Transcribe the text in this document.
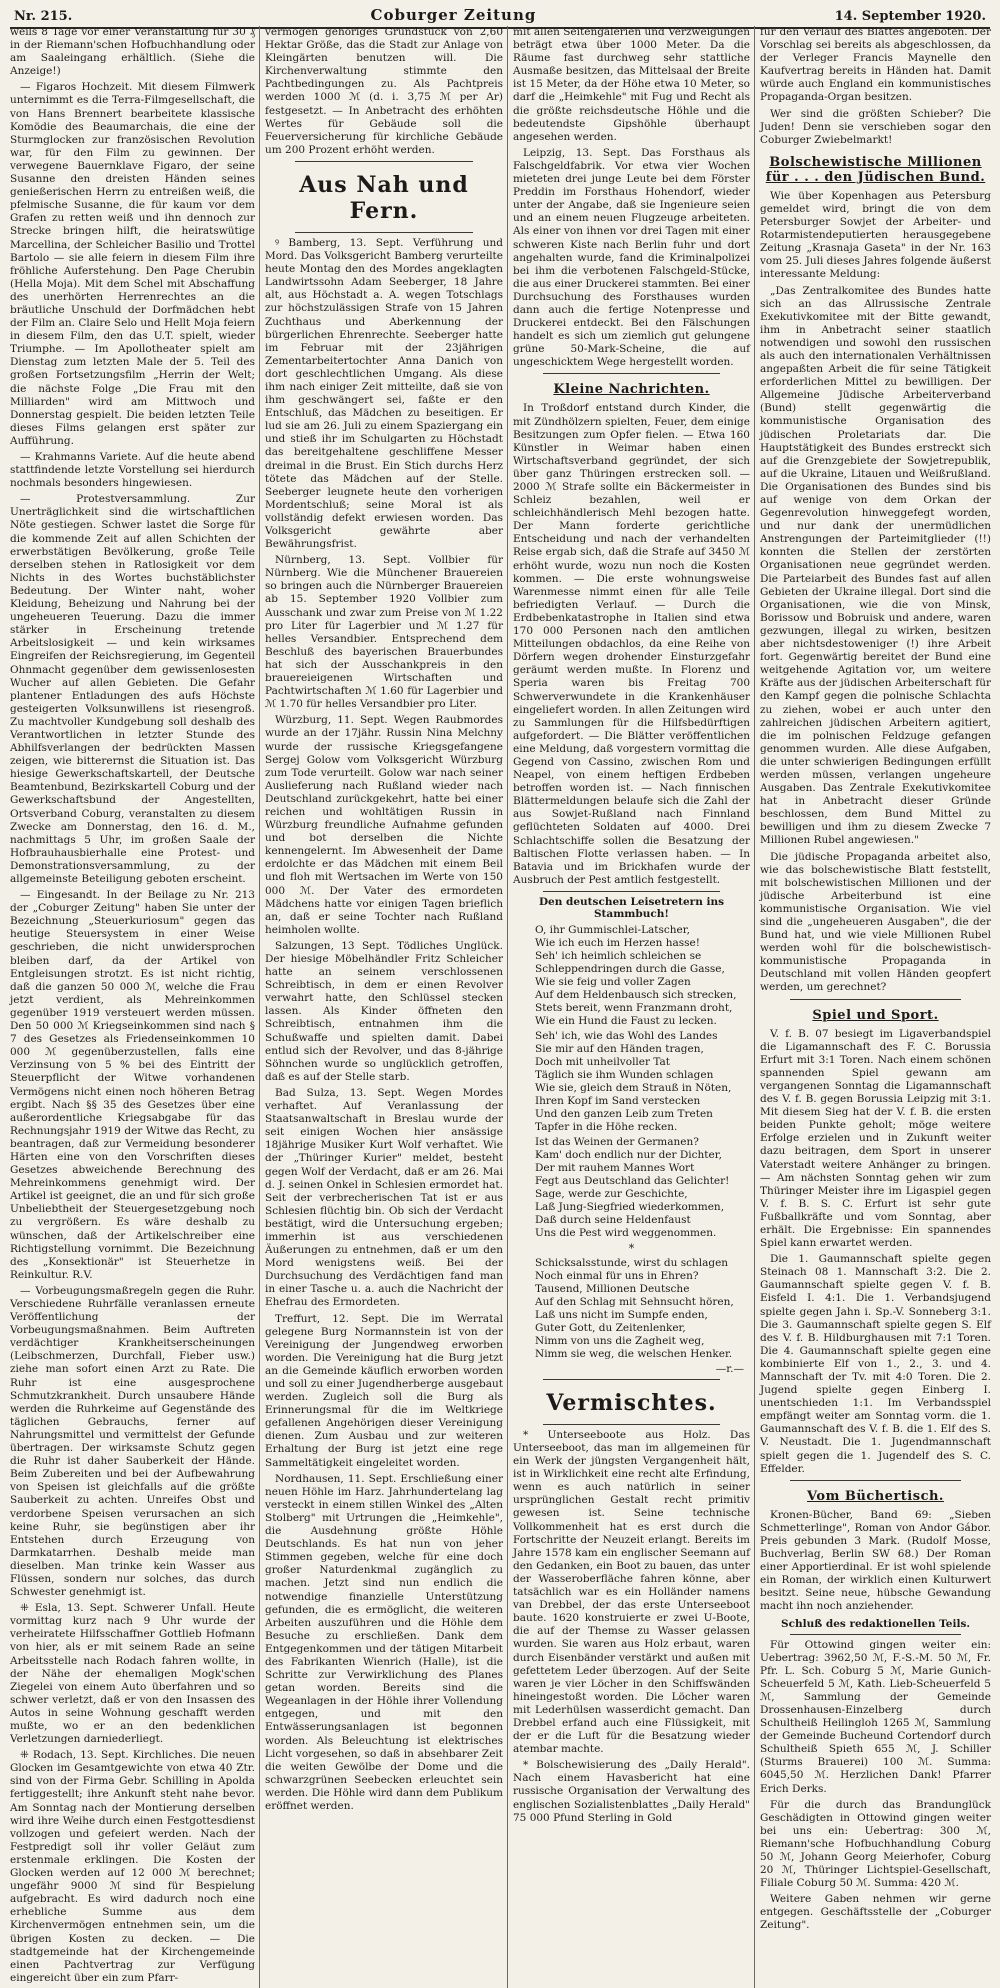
Nr. 215.	Coburger Zeitung	14. September 1920.

weils 8 Tage vor einer Veranstaltung für 30 ₰ in der Riemann'schen Hofbuchhandlung oder am Saaleingang erhältlich. (Siehe die Anzeige!)

— Figaros Hochzeit. Mit diesem Filmwerk unternimmt es die Terra-Filmgesellschaft, die von Hans Brennert bearbeitete klassische Komödie des Beaumarchais, die eine der Sturmglocken zur französischen Revolution war, für den Film zu gewinnen. Der verwegene Bauernklave Figaro, der seine Susanne den dreisten Händen seines genießerischen Herrn zu entreißen weiß, die pfelmische Susanne, die für kaum vor dem Grafen zu retten weiß und ihn dennoch zur Strecke bringen hilft, die heiratswütige Marcellina, der Schleicher Basilio und Trottel Bartolo — sie alle feiern in diesem Film ihre fröhliche Auferstehung. Den Page Cherubin (Hella Moja). Mit dem Schel mit Abschaffung des unerhörten Herrenrechtes an die bräutliche Unschuld der Dorfmädchen hebt der Film an. Claire Selo und Hellt Moja feiern in diesem Film, den das U.T. spielt, wieder Triumphe. — Im Apollotheater spielt am Dienstag zum letzten Male der 5. Teil des großen Fortsetzungsfilm „Herrin der Welt; die nächste Folge „Die Frau mit den Milliarden" wird am Mittwoch und Donnerstag gespielt. Die beiden letzten Teile dieses Films gelangen erst später zur Aufführung.

— Krahmanns Variete. Auf die heute abend stattfindende letzte Vorstellung sei hierdurch nochmals besonders hingewiesen.

— Protestversammlung. Zur Unerträglichkeit sind die wirtschaftlichen Nöte gestiegen. Schwer lastet die Sorge für die kommende Zeit auf allen Schichten der erwerbstätigen Bevölkerung, große Teile derselben stehen in Ratlosigkeit vor dem Nichts in des Wortes buchstäblichster Bedeutung. Der Winter naht, woher Kleidung, Beheizung und Nahrung bei der ungeheueren Teuerung. Dazu die immer stärker in Erscheinung tretende Arbeitslosigkeit — und kein wirksames Eingreifen der Reichsregierung, im Gegenteil Ohnmacht gegenüber dem gewissenlosesten Wucher auf allen Gebieten. Die Gefahr plantener Entladungen des aufs Höchste gesteigerten Volksunwillens ist riesengroß. Zu machtvoller Kundgebung soll deshalb des Verantwortlichen in letzter Stunde des Abhilfsverlangen der bedrückten Massen zeigen, wie bitterernst die Situation ist. Das hiesige Gewerkschaftskartell, der Deutsche Beamtenbund, Bezirkskartell Coburg und der Gewerkschaftsbund der Angestellten, Ortsverband Coburg, veranstalten zu diesem Zwecke am Donnerstag, den 16. d. M., nachmittags 5 Uhr, im großen Saale der Hofbrauhausbierhalle eine Protest- und Demonstrationsversammlung, zu der allgemeinste Beteiligung geboten erscheint.

— Eingesandt. In der Beilage zu Nr. 213 der „Coburger Zeitung" haben Sie unter der Bezeichnung „Steuerkuriosum" gegen das heutige Steuersystem in einer Weise geschrieben, die nicht unwidersprochen bleiben darf, da der Artikel von Entgleisungen strotzt. Es ist nicht richtig, daß die ganzen 50 000 ℳ, welche die Frau jetzt verdient, als Mehreinkommen gegenüber 1919 versteuert werden müssen. Den 50 000 ℳ Kriegseinkommen sind nach § 7 des Gesetzes als Friedenseinkommen 10 000 ℳ gegenüberzustellen, falls eine Verzinsung von 5 % bei des Eintritt der Steuerpflicht der Witwe vorhandenen Vermögens nicht einen noch höheren Betrag ergibt. Nach §§ 35 des Gesetzes über eine außerordentliche Kriegsabgabe für das Rechnungsjahr 1919 der Witwe das Recht, zu beantragen, daß zur Vermeidung besonderer Härten eine von den Vorschriften dieses Gesetzes abweichende Berechnung des Mehreinkommens genehmigt wird. Der Artikel ist geeignet, die an und für sich große Unbeliebtheit der Steuergesetzgebung noch zu vergrößern. Es wäre deshalb zu wünschen, daß der Artikelschreiber eine Richtigstellung vornimmt. Die Bezeichnung des „Konsektionär" ist Steuerhetze in Reinkultur. R.V.

— Vorbeugungsmaßregeln gegen die Ruhr. Verschiedene Ruhrfälle veranlassen erneute Veröffentlichung der Vorbeugungsmaßnahmen. Beim Auftreten verdächtiger Krankheitserscheinungen (Leibschmerzen, Durchfall, Fieber usw.) ziehe man sofort einen Arzt zu Rate. Die Ruhr ist eine ausgesprochene Schmutzkrankheit. Durch unsaubere Hände werden die Ruhrkeime auf Gegenstände des täglichen Gebrauchs, ferner auf Nahrungsmittel und vermittelst der Gefunde übertragen. Der wirksamste Schutz gegen die Ruhr ist daher Sauberkeit der Hände. Beim Zubereiten und bei der Aufbewahrung von Speisen ist gleichfalls auf die größte Sauberkeit zu achten. Unreifes Obst und verdorbene Speisen verursachen an sich keine Ruhr, sie begünstigen aber ihr Entstehen durch Erzeugung von Darmkatarrhen. Deshalb meide man dieselben. Man trinke kein Wasser aus Flüssen, sondern nur solches, das durch Schwester genehmigt ist.

⁜ Esla, 13. Sept. Schwerer Unfall. Heute vormittag kurz nach 9 Uhr wurde der verheiratete Hilfsschaffner Gottlieb Hofmann von hier, als er mit seinem Rade an seine Arbeitsstelle nach Rodach fahren wollte, in der Nähe der ehemaligen Mogk'schen Ziegelei von einem Auto überfahren und so schwer verletzt, daß er von den Insassen des Autos in seine Wohnung geschafft werden mußte, wo er an den bedenklichen Verletzungen darniederliegt.

⁜ Rodach, 13. Sept. Kirchliches. Die neuen Glocken im Gesamtgewichte von etwa 40 Ztr. sind von der Firma Gebr. Schilling in Apolda fertiggestellt; ihre Ankunft steht nahe bevor. Am Sonntag nach der Montierung derselben wird ihre Weihe durch einen Festgottesdienst vollzogen und gefeiert werden. Nach der Festpredigt soll ihr voller Geläut zum erstenmale erklingen. Die Kosten der Glocken werden auf 12 000 ℳ berechnet; ungefähr 9000 ℳ sind für Bespielung aufgebracht. Es wird dadurch noch eine erhebliche Summe aus dem Kirchenvermögen entnehmen sein, um die übrigen Kosten zu decken. — Die stadtgemeinde hat der Kirchengemeinde einen Pachtvertrag zur Verfügung eingereicht über ein zum Pfarr-

vermögen gehöriges Grundstück von 2,60 Hektar Größe, das die Stadt zur Anlage von Kleingärten benutzen will. Die Kirchenverwaltung stimmte den Pachtbedingungen zu. Als Pachtpreis werden 1000 ℳ (d. i. 3,75 ℳ per Ar) festgesetzt. — In Anbetracht des erhöhten Wertes für Gebäude soll die Feuerversicherung für kirchliche Gebäude um 200 Prozent erhöht werden.

Aus Nah und Fern.

ꝰ Bamberg, 13. Sept. Verführung und Mord. Das Volksgericht Bamberg verurteilte heute Montag den des Mordes angeklagten Landwirtssohn Adam Seeberger, 18 Jahre alt, aus Höchstadt a. A. wegen Totschlags zur höchstzulässigen Strafe von 15 Jahren Zuchthaus und Aberkennung der bürgerlichen Ehrenrechte. Seeberger hatte im Februar mit der 23jährigen Zementarbeitertochter Anna Danich von dort geschlechtlichen Umgang. Als diese ihm nach einiger Zeit mitteilte, daß sie von ihm geschwängert sei, faßte er den Entschluß, das Mädchen zu beseitigen. Er lud sie am 26. Juli zu einem Spaziergang ein und stieß ihr im Schulgarten zu Höchstadt das bereitgehaltene geschliffene Messer dreimal in die Brust. Ein Stich durchs Herz tötete das Mädchen auf der Stelle. Seeberger leugnete heute den vorherigen Mordentschluß; seine Moral ist als vollständig defekt erwiesen worden. Das Volksgericht gewährte aber Bewährungsfrist.

Nürnberg, 13. Sept. Vollbier für Nürnberg. Wie die Münchener Brauereien so bringen auch die Nürnberger Brauereien ab 15. September 1920 Vollbier zum Ausschank und zwar zum Preise von ℳ 1.22 pro Liter für Lagerbier und ℳ 1.27 für helles Versandbier. Entsprechend dem Beschluß des bayerischen Brauerbundes hat sich der Ausschankpreis in den brauereieigenen Wirtschaften und Pachtwirtschaften ℳ 1.60 für Lagerbier und ℳ 1.70 für helles Versandbier pro Liter.

Würzburg, 11. Sept. Wegen Raubmordes wurde an der 17jähr. Russin Nina Melchny wurde der russische Kriegsgefangene Sergej Golow vom Volksgericht Würzburg zum Tode verurteilt. Golow war nach seiner Auslieferung nach Rußland wieder nach Deutschland zurückgekehrt, hatte bei einer reichen und wohltätigen Russin in Würzburg freundliche Aufnahme gefunden und bot derselben die Nichte kennengelernt. Im Abwesenheit der Dame erdolchte er das Mädchen mit einem Beil und floh mit Wertsachen im Werte von 150 000 ℳ. Der Vater des ermordeten Mädchens hatte vor einigen Tagen brieflich an, daß er seine Tochter nach Rußland heimholen wollte.

Salzungen, 13 Sept. Tödliches Unglück. Der hiesige Möbelhändler Fritz Schleicher hatte an seinem verschlossenen Schreibtisch, in dem er einen Revolver verwahrt hatte, den Schlüssel stecken lassen. Als Kinder öffneten den Schreibtisch, entnahmen ihm die Schußwaffe und spielten damit. Dabei entlud sich der Revolver, und das 8-jährige Söhnchen wurde so unglücklich getroffen, daß es auf der Stelle starb.

Bad Sulza, 13. Sept. Wegen Mordes verhaftet. Auf Veranlassung der Staatsanwaltschaft in Breslau wurde der seit einigen Wochen hier ansässige 18jährige Musiker Kurt Wolf verhaftet. Wie der „Thüringer Kurier" meldet, besteht gegen Wolf der Verdacht, daß er am 26. Mai d. J. seinen Onkel in Schlesien ermordet hat. Seit der verbrecherischen Tat ist er aus Schlesien flüchtig bin. Ob sich der Verdacht bestätigt, wird die Untersuchung ergeben; immerhin ist aus verschiedenen Äußerungen zu entnehmen, daß er um den Mord wenigstens weiß. Bei der Durchsuchung des Verdächtigen fand man in einer Tasche u. a. auch die Nachricht der Ehefrau des Ermordeten.

Treffurt, 12. Sept. Die im Werratal gelegene Burg Normannstein ist von der Vereinigung der Jungendweg erworben worden. Die Vereinigung hat die Burg jetzt an die Gemeinde käuflich erworben worden und soll zu einer Jugendherberge ausgebaut werden. Zugleich soll die Burg als Erinnerungsmal für die im Weltkriege gefallenen Angehörigen dieser Vereinigung dienen. Zum Ausbau und zur weiteren Erhaltung der Burg ist jetzt eine rege Sammeltätigkeit eingeleitet worden.

Nordhausen, 11. Sept. Erschließung einer neuen Höhle im Harz. Jahrhundertelang lag versteckt in einem stillen Winkel des „Alten Stolberg" mit Urtrungen die „Heimkehle", die Ausdehnung größte Höhle Deutschlands. Es hat nun von jeher Stimmen gegeben, welche für eine doch großer Naturdenkmal zugänglich zu machen. Jetzt sind nun endlich die notwendige finanzielle Unterstützung gefunden, die es ermöglicht, die weiteren Arbeiten auszuführen und die Höhle dem Besuche zu erschließen. Dank dem Entgegenkommen und der tätigen Mitarbeit des Fabrikanten Wienrich (Halle), ist die Schritte zur Verwirklichung des Planes getan worden. Bereits sind die Wegeanlagen in der Höhle ihrer Vollendung entgegen, und mit den Entwässerungsanlagen ist begonnen worden. Als Beleuchtung ist elektrisches Licht vorgesehen, so daß in absehbarer Zeit die weiten Gewölbe der Dome und die schwarzgrünen Seebecken erleuchtet sein werden. Die Höhle wird dann dem Publikum eröffnet werden.

mit allen Seitengalerien und Verzweigungen beträgt etwa über 1000 Meter. Da die Räume fast durchweg sehr stattliche Ausmaße besitzen, das Mittelsaal der Breite ist 15 Meter, da der Höhe etwa 10 Meter, so darf die „Heimkehle" mit Fug und Recht als die größte reichsdeutsche Höhle und die bedeutendste Gipshöhle überhaupt angesehen werden.

Leipzig, 13. Sept. Das Forsthaus als Falschgeldfabrik. Vor etwa vier Wochen mieteten drei junge Leute bei dem Förster Preddin im Forsthaus Hohendorf, wieder unter der Angabe, daß sie Ingenieure seien und an einem neuen Flugzeuge arbeiteten. Als einer von ihnen vor drei Tagen mit einer schweren Kiste nach Berlin fuhr und dort angehalten wurde, fand die Kriminalpolizei bei ihm die verbotenen Falschgeld-Stücke, die aus einer Druckerei stammten. Bei einer Durchsuchung des Forsthauses wurden dann auch die fertige Notenpresse und Druckerei entdeckt. Bei den Fälschungen handelt es sich um ziemlich gut gelungene grüne 50-Mark-Scheine, die auf ungeschicktem Wege hergestellt worden.

Kleine Nachrichten.

In Troßdorf entstand durch Kinder, die mit Zündhölzern spielten, Feuer, dem einige Besitzungen zum Opfer fielen. — Etwa 160 Künstler in Weimar haben einen Wirtschaftsverband gegründet, der sich über ganz Thüringen erstrecken soll. — 2000 ℳ Strafe sollte ein Bäckermeister in Schleiz bezahlen, weil er schleichhändlerisch Mehl bezogen hatte. Der Mann forderte gerichtliche Entscheidung und nach der verhandelten Reise ergab sich, daß die Strafe auf 3450 ℳ erhöht wurde, wozu nun noch die Kosten kommen. — Die erste wohnungsweise Warenmesse nimmt einen für alle Teile befriedigten Verlauf. — Durch die Erdbebenkatastrophe in Italien sind etwa 170 000 Personen nach den amtlichen Mitteilungen obdachlos, da eine Reihe von Dörfern wegen drohender Einsturzgefahr geräumt werden mußte. In Florenz und Speria waren bis Freitag 700 Schwerverwundete in die Krankenhäuser eingeliefert worden. In allen Zeitungen wird zu Sammlungen für die Hilfsbedürftigen aufgefordert. — Die Blätter veröffentlichen eine Meldung, daß vorgestern vormittag die Gegend von Cassino, zwischen Rom und Neapel, von einem heftigen Erdbeben betroffen worden ist. — Nach finnischen Blättermeldungen belaufe sich die Zahl der aus Sowjet-Rußland nach Finnland geflüchteten Soldaten auf 4000. Drei Schlachtschiffe sollen die Besatzung der Baltischen Flotte verlassen haben. — In Batavia und im Brickhafen wurde der Ausbruch der Pest amtlich festgestellt.

Den deutschen Leisetretern ins Stammbuch!
O, ihr Gummischlei-Latscher,
Wie ich euch im Herzen hasse!
Seh' ich heimlich schleichen se
Schleppendringen durch die Gasse,
Wie sie feig und voller Zagen
Auf dem Heldenbausch sich strecken,
Stets bereit, wenn Franzmann droht,
Wie ein Hund die Faust zu lecken.
Seh' ich, wie das Wohl des Landes
Sie mir auf den Händen tragen,
Doch mit unheilvoller Tat
Täglich sie ihm Wunden schlagen
Wie sie, gleich dem Strauß in Nöten,
Ihren Kopf im Sand verstecken
Und den ganzen Leib zum Treten
Tapfer in die Höhe recken.
Ist das Weinen der Germanen?
Kam' doch endlich nur der Dichter,
Der mit rauhem Mannes Wort
Fegt aus Deutschland das Gelichter!
Sage, werde zur Geschichte,
Laß Jung-Siegfried wiederkommen,
Daß durch seine Heldenfaust
Uns die Pest wird weggenommen.
*
Schicksalsstunde, wirst du schlagen
Noch einmal für uns in Ehren?
Tausend, Millionen Deutsche
Auf den Schlag mit Sehnsucht hören,
Laß uns nicht im Sumpfe enden,
Guter Gott, du Zeitenlenker,
Nimm von uns die Zagheit weg,
Nimm sie weg, die welschen Henker.
—r.—
Vermischtes.

* Unterseeboote aus Holz. Das Unterseeboot, das man im allgemeinen für ein Werk der jüngsten Vergangenheit hält, ist in Wirklichkeit eine recht alte Erfindung, wenn es auch natürlich in seiner ursprünglichen Gestalt recht primitiv gewesen ist. Seine technische Vollkommenheit hat es erst durch die Fortschritte der Neuzeit erlangt. Bereits im Jahre 1578 kam ein englischer Seemann auf den Gedanken, ein Boot zu bauen, das unter der Wasseroberfläche fahren könne, aber tatsächlich war es ein Holländer namens van Drebbel, der das erste Unterseeboot baute. 1620 konstruierte er zwei U-Boote, die auf der Themse zu Wasser gelassen wurden. Sie waren aus Holz erbaut, waren durch Eisenbänder verstärkt und außen mit gefettetem Leder überzogen. Auf der Seite waren je vier Löcher in den Schiffswänden hineingestoßt worden. Die Löcher waren mit Lederhülsen wasserdicht gemacht. Dan Drebbel erfand auch eine Flüssigkeit, mit der er die Luft für die Besatzung wieder atembar machte.

* Bolschewisierung des „Daily Herald". Nach einem Havasbericht hat eine russische Organisation der Verwaltung des englischen Sozialistenblattes „Daily Herald" 75 000 Pfund Sterling in Gold

für den Verlauf des Blattes angeboten. Der Vorschlag sei bereits als abgeschlossen, da der Verleger Francis Maynelle den Kaufvertrag bereits in Händen hat. Damit würde auch England ein kommunistisches Propaganda-Organ besitzen.

Wer sind die größten Schieber? Die Juden! Denn sie verschieben sogar den Coburger Zwiebelmarkt!

Bolschewistische Millionen für . . . den Jüdischen Bund.

Wie über Kopenhagen aus Petersburg gemeldet wird, bringt die von dem Petersburger Sowjet der Arbeiter- und Rotarmistendeputierten herausgegebene Zeitung „Krasnaja Gaseta" in der Nr. 163 vom 25. Juli dieses Jahres folgende äußerst interessante Meldung:

„Das Zentralkomitee des Bundes hatte sich an das Allrussische Zentrale Exekutivkomitee mit der Bitte gewandt, ihm in Anbetracht seiner staatlich notwendigen und sowohl den russischen als auch den internationalen Verhältnissen angepaßten Arbeit die für seine Tätigkeit erforderlichen Mittel zu bewilligen. Der Allgemeine Jüdische Arbeiterverband (Bund) stellt gegenwärtig die kommunistische Organisation des jüdischen Proletariats dar. Die Hauptstätigkeit des Bundes erstreckt sich auf die Grenzgebiete der Sowjetrepublik, auf die Ukraine, Litauen und Weißrußland. Die Organisationen des Bundes sind bis auf wenige von dem Orkan der Gegenrevolution hinweggefegt worden, und nur dank der unermüdlichen Anstrengungen der Parteimitglieder (!!) konnten die Stellen der zerstörten Organisationen neue gegründet werden. Die Parteiarbeit des Bundes fast auf allen Gebieten der Ukraine illegal. Dort sind die Organisationen, wie die von Minsk, Borissow und Bobruisk und andere, waren gezwungen, illegal zu wirken, besitzen aber nichtsdestoweniger (!) ihre Arbeit fort. Gegenwärtig bereitet der Bund eine weitgehende Agitation vor, um weitere Kräfte aus der jüdischen Arbeiterschaft für den Kampf gegen die polnische Schlachta zu ziehen, wobei er auch unter den zahlreichen jüdischen Arbeitern agitiert, die im polnischen Feldzuge gefangen genommen wurden. Alle diese Aufgaben, die unter schwierigen Bedingungen erfüllt werden müssen, verlangen ungeheure Ausgaben. Das Zentrale Exekutivkomitee hat in Anbetracht dieser Gründe beschlossen, dem Bund Mittel zu bewilligen und ihm zu diesem Zwecke 7 Millionen Rubel angewiesen."

Die jüdische Propaganda arbeitet also, wie das bolschewistische Blatt feststellt, mit bolschewistischen Millionen und der jüdische Arbeiterbund ist eine kommunistische Organisation. Wie viel sind die „ungeheueren Ausgaben", die der Bund hat, und wie viele Millionen Rubel werden wohl für die bolschewistisch-kommunistische Propaganda in Deutschland mit vollen Händen geopfert werden, um gerechnet?

Spiel und Sport.

V. f. B. 07 besiegt im Ligaverbandspiel die Ligamannschaft des F. C. Borussia Erfurt mit 3:1 Toren. Nach einem schönen spannenden Spiel gewann am vergangenen Sonntag die Ligamannschaft des V. f. B. gegen Borussia Leipzig mit 3:1. Mit diesem Sieg hat der V. f. B. die ersten beiden Punkte geholt; möge weitere Erfolge erzielen und in Zukunft weiter dazu beitragen, dem Sport in unserer Vaterstadt weitere Anhänger zu bringen. — Am nächsten Sonntag gehen wir zum Thüringer Meister ihre im Ligaspiel gegen V. f. B. S. C. Erfurt ist sehr gute Fußballkräfte und vom Sonntag, aber erhält. Die Ergebnisse: Ein spannendes Spiel kann erwartet werden.

Die 1. Gaumannschaft spielte gegen Steinach 08 1. Mannschaft 3:2. Die 2. Gaumannschaft spielte gegen V. f. B. Eisfeld I. 4:1. Die 1. Verbandsjugend spielte gegen Jahn i. Sp.-V. Sonneberg 3:1. Die 3. Gaumannschaft spielte gegen S. Elf des V. f. B. Hildburghausen mit 7:1 Toren. Die 4. Gaumannschaft spielte gegen eine kombinierte Elf von 1., 2., 3. und 4. Mannschaft der Tv. mit 4:0 Toren. Die 2. Jugend spielte gegen Einberg I. unentschieden 1:1. Im Verbandsspiel empfängt weiter am Sonntag vorm. die 1. Gaumannschaft des V. f. B. die 1. Elf des S. V. Neustadt. Die 1. Jugendmannschaft spielt gegen die 1. Jugendelf des S. C. Effelder.

Vom Büchertisch.

Kronen-Bücher, Band 69: „Sieben Schmetterlinge", Roman von Andor Gábor. Preis gebunden 3 Mark. (Rudolf Mosse, Buchverlag, Berlin SW 68.) Der Roman einer Apportierdinal. Er ist wohl spielende ein Roman, der wirklich einen Kulturwert besitzt. Seine neue, hübsche Gewandung macht ihn noch anziehender.

Schluß des redaktionellen Teils.

Für Ottowind gingen weiter ein: Uebertrag: 3962,50 ℳ, F.-S.-M. 50 ℳ, Fr. Pfr. L. Sch. Coburg 5 ℳ, Marie Gunich-Scheuerfeld 5 ℳ, Kath. Lieb-Scheuerfeld 5 ℳ, Sammlung der Gemeinde Drossenhausen-Einzelberg durch Schultheiß Heilingloh 1265 ℳ, Sammlung der Gemeinde Bucheund Cortendorf durch Schultheiß Spieth 655 ℳ, J. Schiller (Sturms Brauerei) 100 ℳ. Summa: 6045,50 ℳ. Herzlichen Dank! Pfarrer Erich Derks.

Für die durch das Brandunglück Geschädigten in Ottowind gingen weiter bei uns ein: Uebertrag: 300 ℳ, Riemann'sche Hofbuchhandlung Coburg 50 ℳ, Johann Georg Meierhofer, Coburg 20 ℳ, Thüringer Lichtspiel-Gesellschaft, Filiale Coburg 50 ℳ. Summa: 420 ℳ.

Weitere Gaben nehmen wir gerne entgegen. Geschäftsstelle der „Coburger Zeitung".
